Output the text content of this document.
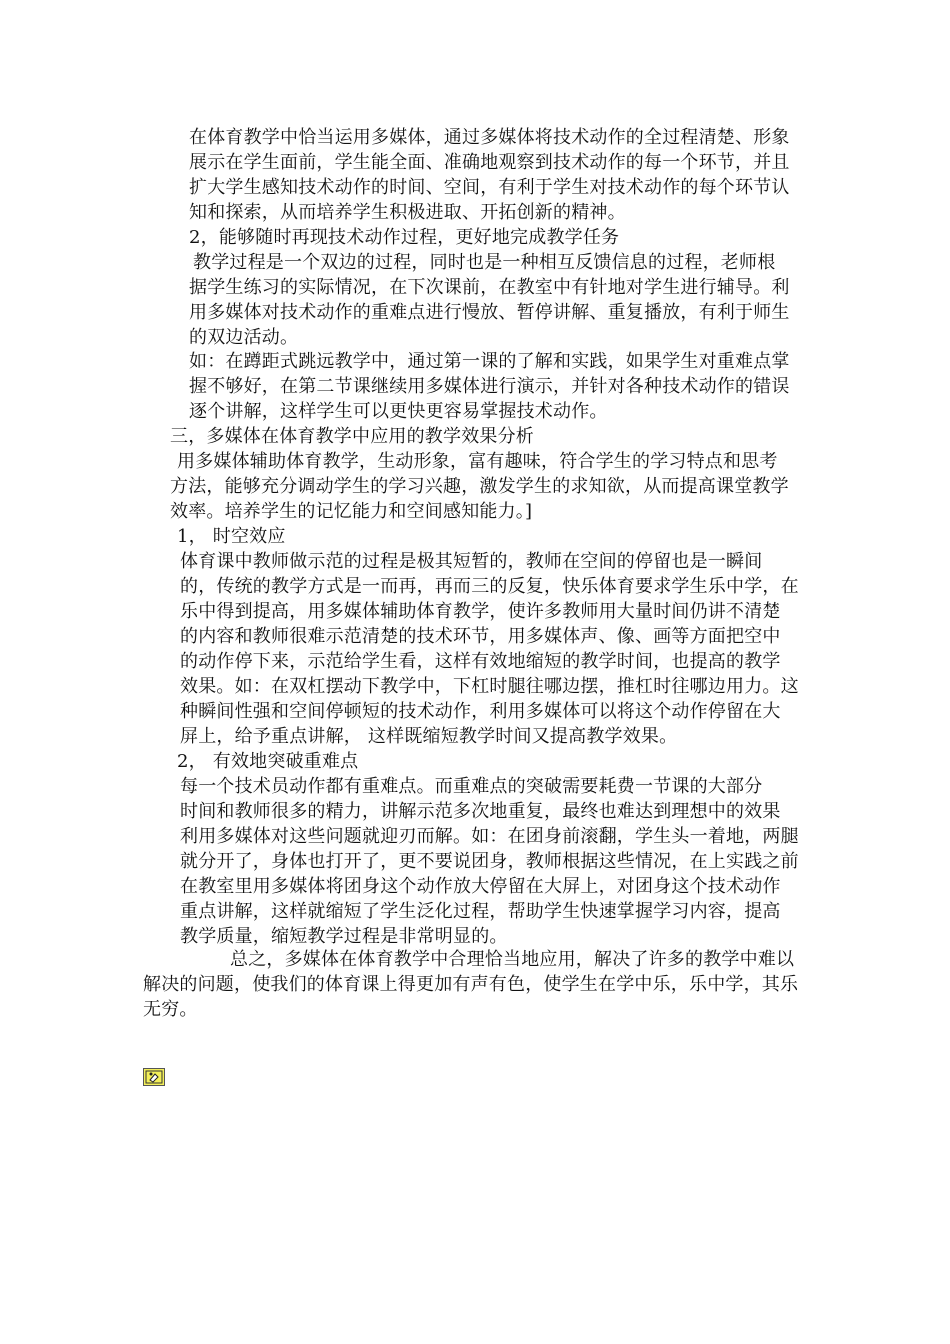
在体育教学中恰当运用多媒体，通过多媒体将技术动作的全过程清楚、形象
展示在学生面前，学生能全面、准确地观察到技术动作的每一个环节，并且
扩大学生感知技术动作的时间、空间，有利于学生对技术动作的每个环节认
知和探索，从而培养学生积极进取、开拓创新的精神。
2，能够随时再现技术动作过程，更好地完成教学任务
教学过程是一个双边的过程，同时也是一种相互反馈信息的过程，老师根
据学生练习的实际情况，在下次课前，在教室中有针地对学生进行辅导。利
用多媒体对技术动作的重难点进行慢放、暂停讲解、重复播放，有利于师生
的双边活动。
如：在蹲距式跳远教学中，通过第一课的了解和实践，如果学生对重难点掌
握不够好，在第二节课继续用多媒体进行演示，并针对各种技术动作的错误
逐个讲解，这样学生可以更快更容易掌握技术动作。
三，多媒体在体育教学中应用的教学效果分析
用多媒体辅助体育教学，生动形象，富有趣味，符合学生的学习特点和思考
方法，能够充分调动学生的学习兴趣，激发学生的求知欲，从而提高课堂教学
效率。培养学生的记忆能力和空间感知能力。]
1， 时空效应
体育课中教师做示范的过程是极其短暂的，教师在空间的停留也是一瞬间
的，传统的教学方式是一而再，再而三的反复，快乐体育要求学生乐中学，在
乐中得到提高，用多媒体辅助体育教学，使许多教师用大量时间仍讲不清楚
的内容和教师很难示范清楚的技术环节，用多媒体声、像、画等方面把空中
的动作停下来，示范给学生看，这样有效地缩短的教学时间，也提高的教学
效果。如：在双杠摆动下教学中，下杠时腿往哪边摆，推杠时往哪边用力。这
种瞬间性强和空间停顿短的技术动作，利用多媒体可以将这个动作停留在大
屏上，给予重点讲解， 这样既缩短教学时间又提高教学效果。
2， 有效地突破重难点
每一个技术员动作都有重难点。而重难点的突破需要耗费一节课的大部分
时间和教师很多的精力，讲解示范多次地重复，最终也难达到理想中的效果
利用多媒体对这些问题就迎刃而解。如：在团身前滚翻，学生头一着地，两腿
就分开了，身体也打开了，更不要说团身，教师根据这些情况，在上实践之前
在教室里用多媒体将团身这个动作放大停留在大屏上，对团身这个技术动作
重点讲解，这样就缩短了学生泛化过程，帮助学生快速掌握学习内容，提高
教学质量，缩短教学过程是非常明显的。
总之，多媒体在体育教学中合理恰当地应用，解决了许多的教学中难以
解决的问题，使我们的体育课上得更加有声有色，使学生在学中乐，乐中学，其乐
无穷。
